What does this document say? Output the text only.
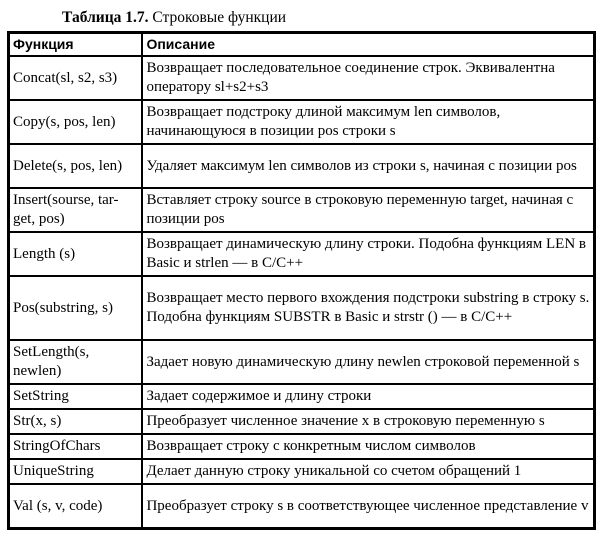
Таблица 1.7. Строковые функции
Функция	Описание
Concat(sl, s2, s3)	Возвращает последовательное соединение строк. Эквивалентна оператору sl+s2+s3
Copy(s, pos, len)	Возвращает подстроку длиной максимум len символов, начинающуюся в позиции pos строки s
Delete(s, pos, len)	Удаляет максимум len символов из строки s, начиная с позиции pos
Insert(sourse, tar-get, pos)	Вставляет строку source в строковую переменную target, начиная с позиции pos
Length (s)	Возвращает динамическую длину строки. Подобна функциям LEN в Basic и strlen — в C/C++
Pos(substring, s)	Возвращает место первого вхождения подстроки substring в строку s. Подобна функциям SUBSTR в Basic и strstr () — в C/C++
SetLength(s, newlen)	Задает новую динамическую длину newlen строковой переменной s
SetString	Задает содержимое и длину строки
Str(x, s)	Преобразует численное значение x в строковую переменную s
StringOfChars	Возвращает строку с конкретным числом символов
UniqueString	Делает данную строку уникальной со счетом обращений 1
Val (s, v, code)	Преобразует строку s в соответствующее численное представление v
